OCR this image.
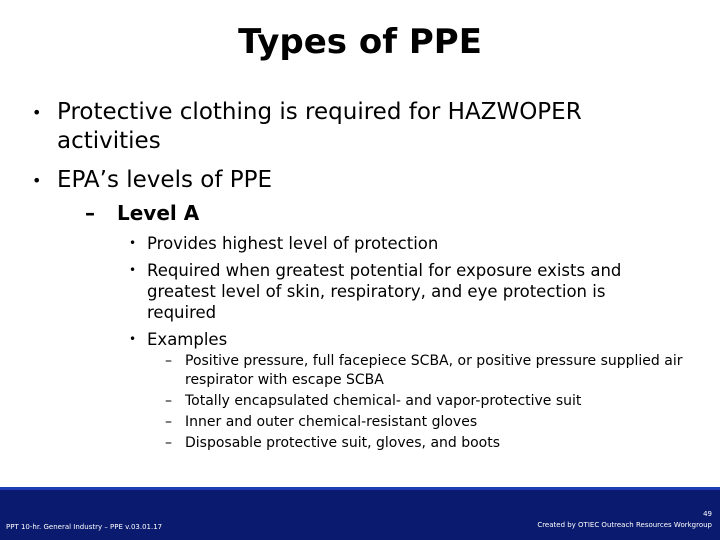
Types of PPE
• Protective clothing is required for HAZWOPER activities
• EPA’s levels of PPE
– Level A
• Provides highest level of protection
• Required when greatest potential for exposure exists and greatest level of skin, respiratory, and eye protection is required
• Examples
– Positive pressure, full facepiece SCBA, or positive pressure supplied air respirator with escape SCBA
– Totally encapsulated chemical- and vapor-protective suit
– Inner and outer chemical-resistant gloves
– Disposable protective suit, gloves, and boots
PPT 10-hr. General Industry – PPE v.03.01.17
49
Created by OTIEC Outreach Resources Workgroup
